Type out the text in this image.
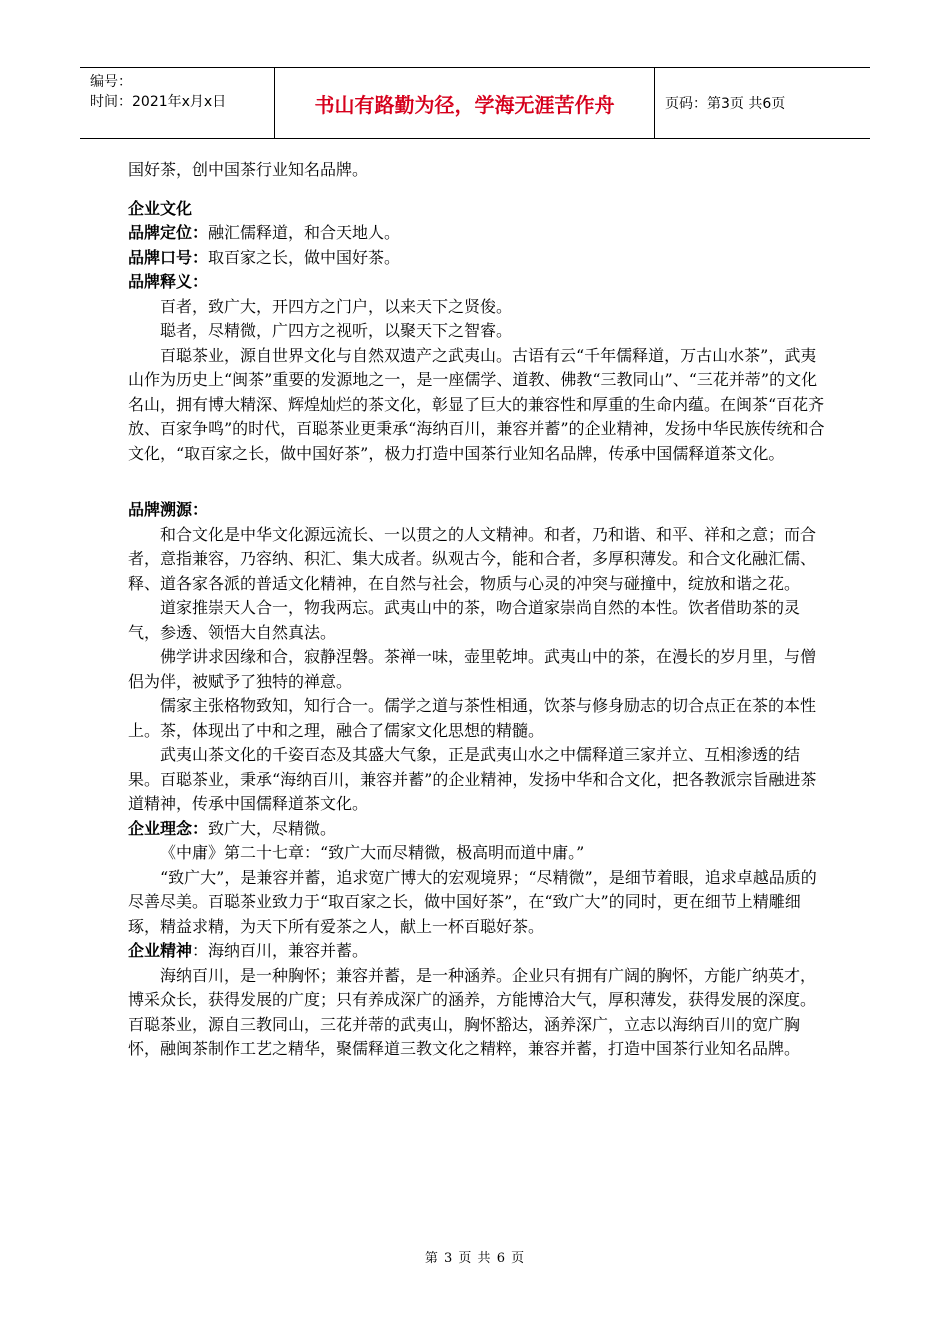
编号：
时间：2021年x月x日	书山有路勤为径，学海无涯苦作舟	页码：第3页 共6页

国好茶，创中国茶行业知名品牌。

企业文化

品牌定位：融汇儒释道，和合天地人。

品牌口号：取百家之长，做中国好茶。

品牌释义：

百者，致广大，开四方之门户，以来天下之贤俊。

聪者，尽精微，广四方之视听，以聚天下之智睿。

百聪茶业，源自世界文化与自然双遗产之武夷山。古语有云“千年儒释道，万古山水茶”，武夷山作为历史上“闽茶”重要的发源地之一，是一座儒学、道教、佛教“三教同山”、“三花并蒂”的文化名山，拥有博大精深、辉煌灿烂的茶文化，彰显了巨大的兼容性和厚重的生命内蕴。在闽茶“百花齐放、百家争鸣”的时代，百聪茶业更秉承“海纳百川，兼容并蓄”的企业精神，发扬中华民族传统和合文化，“取百家之长，做中国好茶”，极力打造中国茶行业知名品牌，传承中国儒释道茶文化。

品牌溯源：

和合文化是中华文化源远流长、一以贯之的人文精神。和者，乃和谐、和平、祥和之意；而合者，意指兼容，乃容纳、积汇、集大成者。纵观古今，能和合者，多厚积薄发。和合文化融汇儒、释、道各家各派的普适文化精神，在自然与社会，物质与心灵的冲突与碰撞中，绽放和谐之花。

道家推崇天人合一，物我两忘。武夷山中的茶，吻合道家崇尚自然的本性。饮者借助茶的灵气，参透、领悟大自然真法。

佛学讲求因缘和合，寂静涅磐。茶禅一味，壶里乾坤。武夷山中的茶，在漫长的岁月里，与僧侣为伴，被赋予了独特的禅意。

儒家主张格物致知，知行合一。儒学之道与茶性相通，饮茶与修身励志的切合点正在茶的本性上。茶，体现出了中和之理，融合了儒家文化思想的精髓。

武夷山茶文化的千姿百态及其盛大气象，正是武夷山水之中儒释道三家并立、互相渗透的结果。百聪茶业，秉承“海纳百川，兼容并蓄”的企业精神，发扬中华和合文化，把各教派宗旨融进茶道精神，传承中国儒释道茶文化。

企业理念：致广大，尽精微。

《中庸》第二十七章：“致广大而尽精微，极高明而道中庸。”

“致广大”，是兼容并蓄，追求宽广博大的宏观境界；“尽精微”，是细节着眼，追求卓越品质的尽善尽美。百聪茶业致力于“取百家之长，做中国好茶”，在“致广大”的同时，更在细节上精雕细琢，精益求精，为天下所有爱茶之人，献上一杯百聪好茶。

企业精神：海纳百川，兼容并蓄。

海纳百川，是一种胸怀；兼容并蓄，是一种涵养。企业只有拥有广阔的胸怀，方能广纳英才，博采众长，获得发展的广度；只有养成深广的涵养，方能博洽大气，厚积薄发，获得发展的深度。百聪茶业，源自三教同山，三花并蒂的武夷山，胸怀豁达，涵养深广，立志以海纳百川的宽广胸怀，融闽茶制作工艺之精华，聚儒释道三教文化之精粹，兼容并蓄，打造中国茶行业知名品牌。

第 3 页 共 6 页
